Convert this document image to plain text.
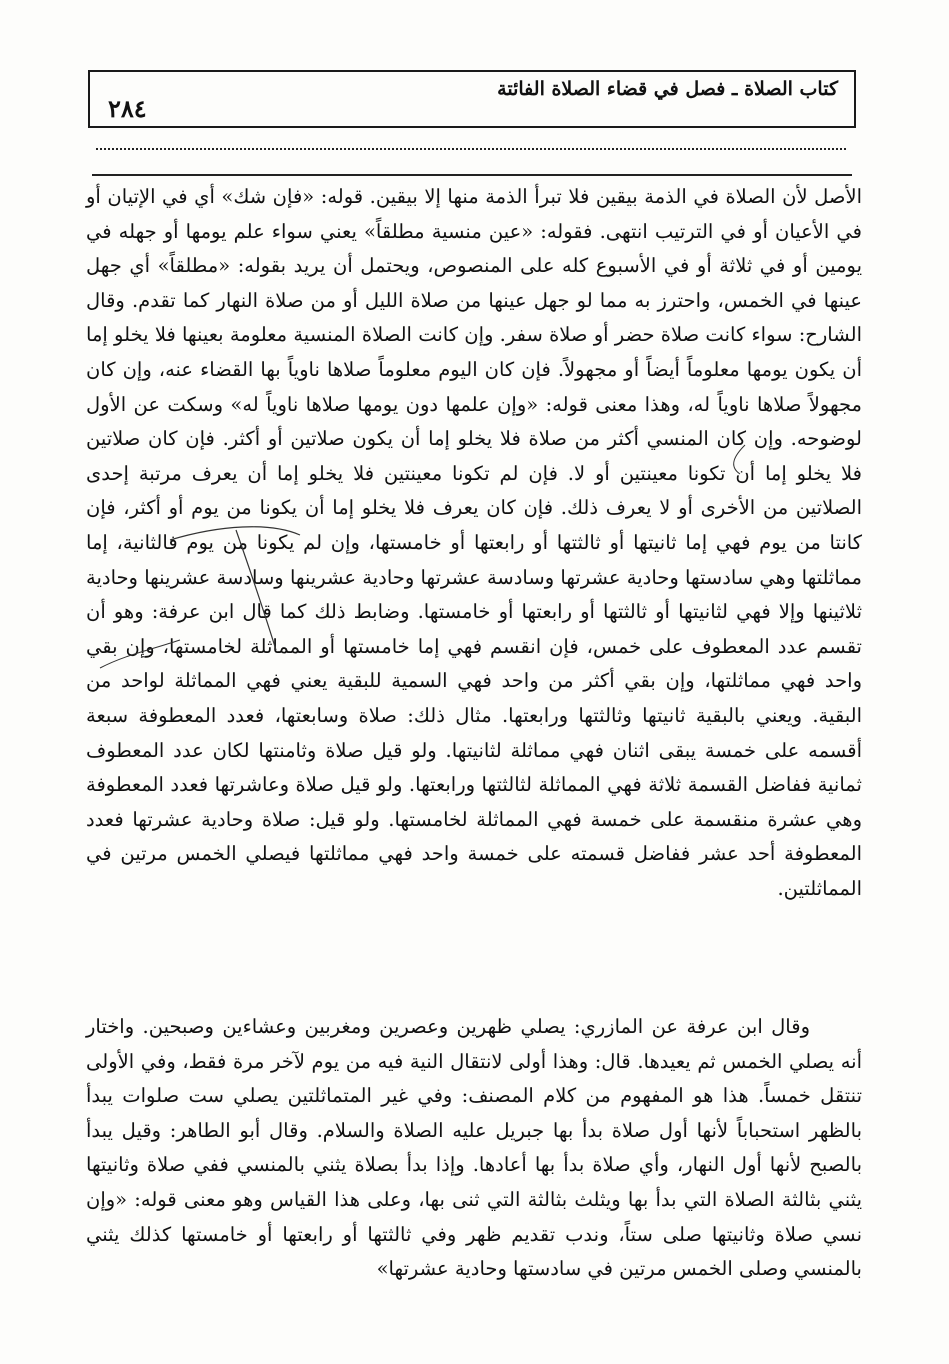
كتاب الصلاة ـ فصل في قضاء الصلاة الفائتة
٢٨٤

الأصل لأن الصلاة في الذمة بيقين فلا تبرأ الذمة منها إلا بيقين. قوله: «فإن شك» أي في الإتيان أو في الأعيان أو في الترتيب انتهى. فقوله: «عين منسية مطلقاً» يعني سواء علم يومها أو جهله في يومين أو في ثلاثة أو في الأسبوع كله على المنصوص، ويحتمل أن يريد بقوله: «مطلقاً» أي جهل عينها في الخمس، واحترز به مما لو جهل عينها من صلاة الليل أو من صلاة النهار كما تقدم. وقال الشارح: سواء كانت صلاة حضر أو صلاة سفر. وإن كانت الصلاة المنسية معلومة بعينها فلا يخلو إما أن يكون يومها معلوماً أيضاً أو مجهولاً. فإن كان اليوم معلوماً صلاها ناوياً بها القضاء عنه، وإن كان مجهولاً صلاها ناوياً له، وهذا معنى قوله: «وإن علمها دون يومها صلاها ناوياً له» وسكت عن الأول لوضوحه. وإن كان المنسي أكثر من صلاة فلا يخلو إما أن يكون صلاتين أو أكثر. فإن كان صلاتين فلا يخلو إما أن تكونا معينتين أو لا. فإن لم تكونا معينتين فلا يخلو إما أن يعرف مرتبة إحدى الصلاتين من الأخرى أو لا يعرف ذلك. فإن كان يعرف فلا يخلو إما أن يكونا من يوم أو أكثر، فإن كانتا من يوم فهي إما ثانيتها أو ثالثتها أو رابعتها أو خامستها، وإن لم يكونا من يوم فالثانية، إما مماثلتها وهي سادستها وحادية عشرتها وسادسة عشرتها وحادية عشرينها وسادسة عشرينها وحادية ثلاثينها وإلا فهي لثانيتها أو ثالثتها أو رابعتها أو خامستها. وضابط ذلك كما قال ابن عرفة: وهو أن تقسم عدد المعطوف على خمس، فإن انقسم فهي إما خامستها أو المماثلة لخامستها، وإن بقي واحد فهي مماثلتها، وإن بقي أكثر من واحد فهي السمية للبقية يعني فهي المماثلة لواحد من البقية. ويعني بالبقية ثانيتها وثالثتها ورابعتها. مثال ذلك: صلاة وسابعتها، فعدد المعطوفة سبعة أقسمه على خمسة يبقى اثنان فهي مماثلة لثانيتها. ولو قيل صلاة وثامنتها لكان عدد المعطوف ثمانية ففاضل القسمة ثلاثة فهي المماثلة لثالثتها ورابعتها. ولو قيل صلاة وعاشرتها فعدد المعطوفة وهي عشرة منقسمة على خمسة فهي المماثلة لخامستها. ولو قيل: صلاة وحادية عشرتها فعدد المعطوفة أحد عشر ففاضل قسمته على خمسة واحد فهي مماثلتها فيصلي الخمس مرتين في المماثلتين.

وقال ابن عرفة عن المازري: يصلي ظهرين وعصرين ومغربين وعشاءين وصبحين. واختار أنه يصلي الخمس ثم يعيدها. قال: وهذا أولى لانتقال النية فيه من يوم لآخر مرة فقط، وفي الأولى تنتقل خمساً. هذا هو المفهوم من كلام المصنف: وفي غير المتماثلتين يصلي ست صلوات يبدأ بالظهر استحباباً لأنها أول صلاة بدأ بها جبريل عليه الصلاة والسلام. وقال أبو الطاهر: وقيل يبدأ بالصبح لأنها أول النهار، وأي صلاة بدأ بها أعادها. وإذا بدأ بصلاة يثني بالمنسي ففي صلاة وثانيتها يثني بثالثة الصلاة التي بدأ بها ويثلث بثالثة التي ثنى بها، وعلى هذا القياس وهو معنى قوله: «وإن نسي صلاة وثانيتها صلى ستاً، وندب تقديم ظهر وفي ثالثتها أو رابعتها أو خامستها كذلك يثني بالمنسي وصلى الخمس مرتين في سادستها وحادية عشرتها»
